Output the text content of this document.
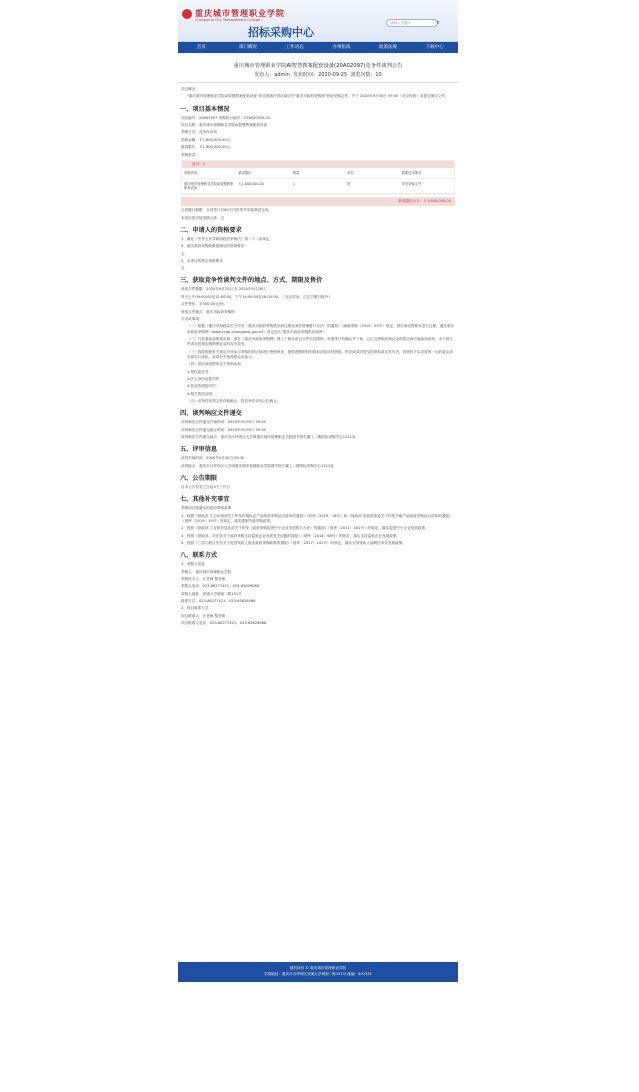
重庆城市管理职业学院
Chongqing City Management College
招标采购中心
请输入关键字	⌕
首页	部门概况	工作动态	办事指南	政策法规	下载中心
重庆城市管理职业学院AI智慧教案配套设备(20A02097)竞争性谈判公告
发布人：admin 发布时间：2020-09-25 浏览次数：10
项目概况：
"重庆城市管理职业学院AI智慧教案配套设备"项目的潜在供应商应在"重庆市政府采购网"获取采购文件，并于 2020年9月30日 09:00（北京时间）前提交响应文件。
一、项目基本情况
项目编号：20A02097 采购执行编号：CSWJ2020A-22
项目名称：重庆城市管理职业学院AI智慧教案配套设备
采购方式：竞争性谈判
预算金额：￥1,800,000.00元
最高限价：￥1,800,000.00元
采购需求：
包号：1
采购内容	最高限价	数量	单位	简要技术要求
重庆城市管理职业学院AI智慧教案配套设备
￥1,800,000.00	1	批	详见采购文件
最高限价合计：￥1,800,000.00
合同履行期限：合同签订后60天内供货并安装调试完成。
本项目是否接受联合体：否
二、申请人的资格要求
1、满足《中华人民共和国政府采购法》第二十二条规定。
2、落实政府采购政策需满足的资格要求：
无
3、本项目的特定资格要求：
无
三、获取竞争性谈判文件的地点、方式、期限及售价
获取文件期限：2020年9月25日 至 2020年9月28日。
每天上午09:00:00至12:00:00，下午14:00:00至18:00:00。（北京时间，法定节假日除外）
文件售价：￥500.00元/份。
获取文件地点：重庆市政府采购网
方式或事项：
（一）根据《重庆市财政局关于印发〈重庆市政府采购供应商注册及诚信管理暂行办法〉的通知》（渝财采购〔2015〕45号）规定，供应商应按要求进行注册，通过重庆市政府采购网（www.ccgp-chongqing.gov.cn）登记加入"重庆市政府采购供应商库"。
（二）凡有意参加的供应商，请在《重庆市政府采购网》网上下载本项目文件以及图纸、补遗等只有确认并下载，且已交纳响应保证金的供应商方能参加谈判，未下载文件或未按规定缴纳保证金的视为放弃。
（三）我院按照有关规定对所参与采购的供应商进行资格审查，提供虚假资料的将取消其谈判资格。供应商须对提交的资料真实性负责，因资料不实导致的一切后果由供应商自行承担，本项目不接受联合体参与。
（四）供应商须携带以下资料参加：
1.授权委托书；
2.法人身份证复印件；
3.营业执照复印件；
4.相关资质证明；
（五）竞争性谈判文件获取截止：按竞争性谈判公告截止。
四、谈判响应文件递交
谈判响应文件递交开始时间：2020年9月30日 09:00
谈判响应文件递交截止时间：2020年9月30日 09:30
谈判响应文件递交地点：重庆市沙坪坝区大学城重庆城市管理职业学院图书馆右翼上二楼招标采购中心1211室
五、评审信息
谈判开始时间：2020年9月30日 09:30
谈判地点：重庆市沙坪坝区大学城重庆城市管理职业学院图书馆右翼上二楼招标采购中心1211室
六、公告期限
自本公告发布之日起3个工作日
七、其他补充事宜
采购项目需落实的政府采购政策
1、按照《财政部 生态环境部关于印发环境标志产品政府采购品目清单的通知》（财库〔2019〕18号）和《财政部 发展改革委关于印发节能产品政府采购品目清单的通知》（财库〔2019〕19号）的规定，落实强制节能采购政策。
2、按照《财政部 工业和信息化部关于印发〈政府采购促进中小企业发展暂行办法〉的通知》（财库〔2011〕181号）的规定，落实促进中小企业发展政策。
3、按照《财政部、司法部关于政府采购支持监狱企业发展有关问题的通知》（财库〔2014〕68号）的规定，落实支持监狱企业发展政策。
4、按照《三部门联合发布关于促进残疾人就业政府采购政策的通知》（财库〔2017〕141号）的规定，落实支持残疾人福利性单位发展政策。
八、联系方式
1、采购人信息
采购人：重庆城市管理职业学院
采购经办人：汪老师 黎老师
采购人电话：023-86277421，023-65626068
采购人地址：虎溪大学城南二路151号
联系方式：023-86277421，023-65626068
2、项目联系方式
项目联系人：汪老师 黎老师
项目联系人电话：023-86277421，023-65626068
版权所有 © 重庆城市管理职业学院
学校地址：重庆市沙坪坝区虎溪大学城南二路151号 邮编：401331
